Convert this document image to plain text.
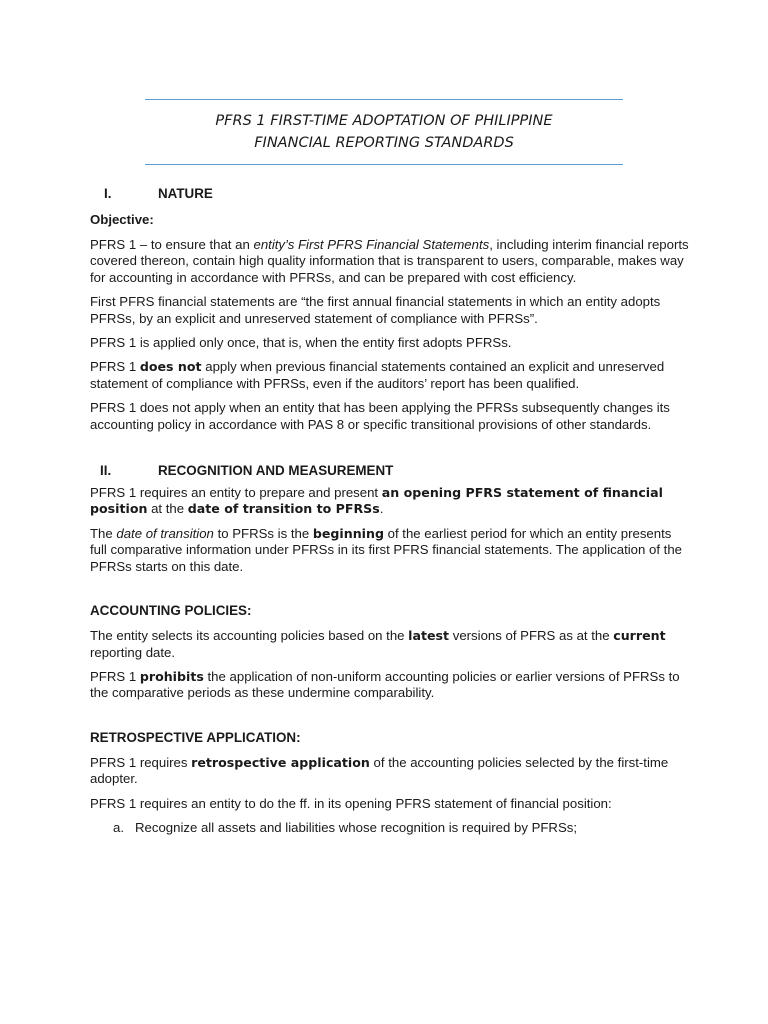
PFRS 1 FIRST-TIME ADOPTATION OF PHILIPPINE
FINANCIAL REPORTING STANDARDS
I.	NATURE
Objective:

PFRS 1 – to ensure that an entity’s First PFRS Financial Statements, including interim financial reports covered thereon, contain high quality information that is transparent to users, comparable, makes way for accounting in accordance with PFRSs, and can be prepared with cost efficiency.

First PFRS financial statements are “the first annual financial statements in which an entity adopts PFRSs, by an explicit and unreserved statement of compliance with PFRSs”.

PFRS 1 is applied only once, that is, when the entity first adopts PFRSs.

PFRS 1 does not apply when previous financial statements contained an explicit and unreserved statement of compliance with PFRSs, even if the auditors’ report has been qualified.

PFRS 1 does not apply when an entity that has been applying the PFRSs subsequently changes its accounting policy in accordance with PAS 8 or specific transitional provisions of other standards.

II.	RECOGNITION AND MEASUREMENT

PFRS 1 requires an entity to prepare and present an opening PFRS statement of financial position at the date of transition to PFRSs.

The date of transition to PFRSs is the beginning of the earliest period for which an entity presents full comparative information under PFRSs in its first PFRS financial statements. The application of the PFRSs starts on this date.

ACCOUNTING POLICIES:

The entity selects its accounting policies based on the latest versions of PFRS as at the current reporting date.

PFRS 1 prohibits the application of non-uniform accounting policies or earlier versions of PFRSs to the comparative periods as these undermine comparability.

RETROSPECTIVE APPLICATION:

PFRS 1 requires retrospective application of the accounting policies selected by the first-time adopter.

PFRS 1 requires an entity to do the ff. in its opening PFRS statement of financial position:

a. Recognize all assets and liabilities whose recognition is required by PFRSs;
